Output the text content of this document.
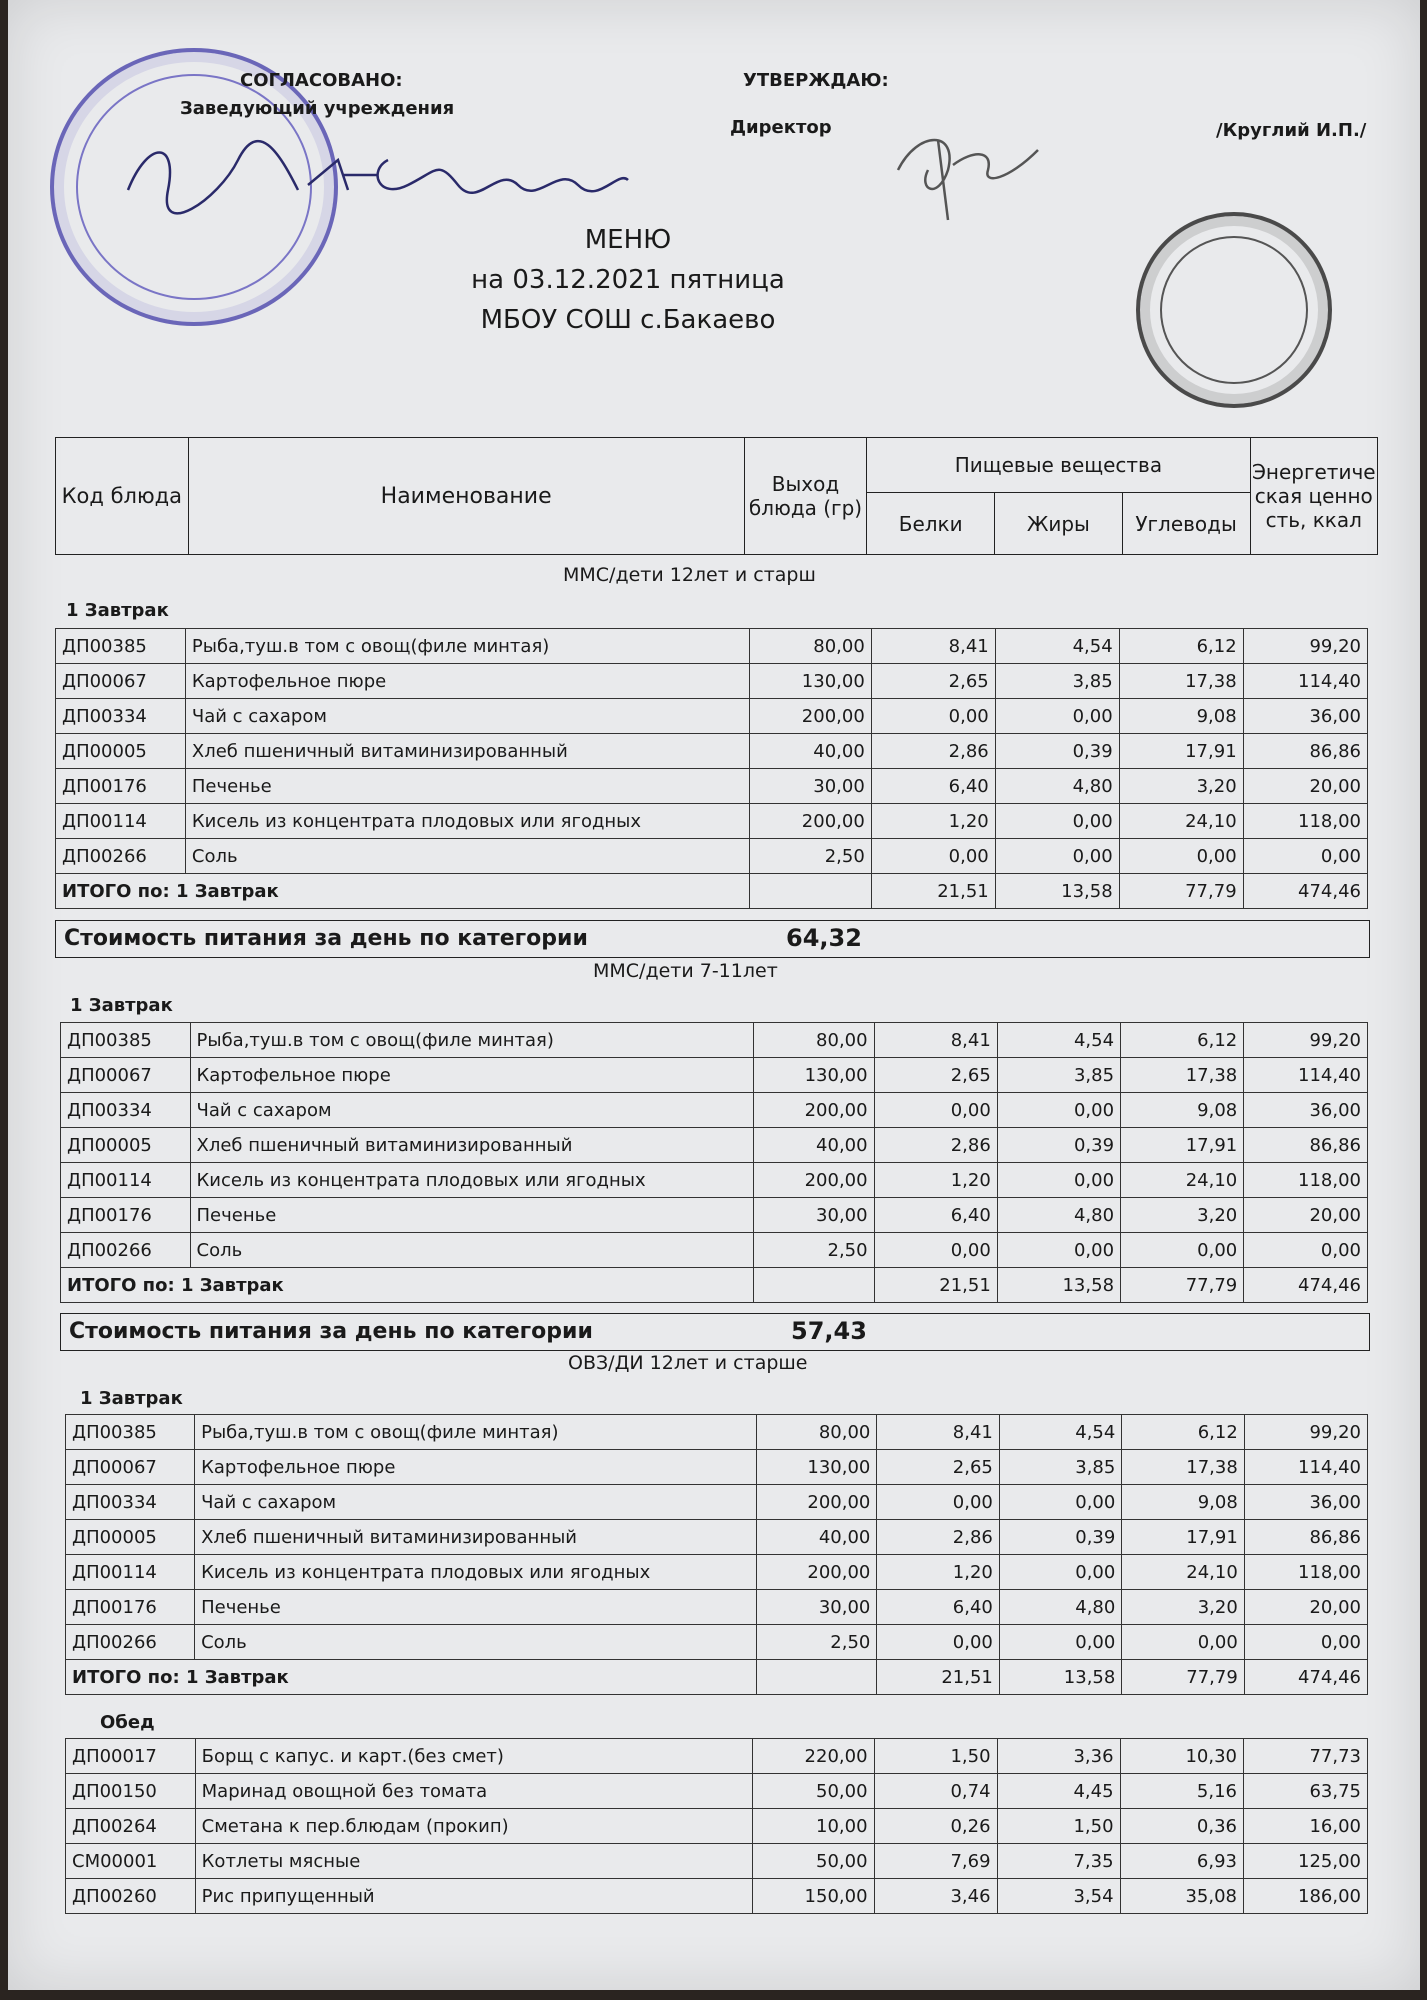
СОГЛАСОВАНО:
Заведующий учреждения
УТВЕРЖДАЮ:
Директор	/Круглий И.П./
МЕНЮ
на 03.12.2021 пятница
МБОУ СОШ с.Бакаево
Код блюда	Наименование	Выход блюда (гр)	Пищевые вещества			Энергетическая ценность, ккал
			Белки	Жиры	Углеводы	
ММС/дети 12лет и старш
1 Завтрак
ДП00385	Рыба,туш.в том с овощ(филе минтая)	80,00	8,41	4,54	6,12	99,20
ДП00067	Картофельное пюре	130,00	2,65	3,85	17,38	114,40
ДП00334	Чай с сахаром	200,00	0,00	0,00	9,08	36,00
ДП00005	Хлеб пшеничный витаминизированный	40,00	2,86	0,39	17,91	86,86
ДП00176	Печенье	30,00	6,40	4,80	3,20	20,00
ДП00114	Кисель из концентрата плодовых или ягодных	200,00	1,20	0,00	24,10	118,00
ДП00266	Соль	2,50	0,00	0,00	0,00	0,00
ИТОГО по: 1 Завтрак			21,51	13,58	77,79	474,46
Стоимость питания за день по категории	64,32
ММС/дети 7-11лет
1 Завтрак
ДП00385	Рыба,туш.в том с овощ(филе минтая)	80,00	8,41	4,54	6,12	99,20
ДП00067	Картофельное пюре	130,00	2,65	3,85	17,38	114,40
ДП00334	Чай с сахаром	200,00	0,00	0,00	9,08	36,00
ДП00005	Хлеб пшеничный витаминизированный	40,00	2,86	0,39	17,91	86,86
ДП00114	Кисель из концентрата плодовых или ягодных	200,00	1,20	0,00	24,10	118,00
ДП00176	Печенье	30,00	6,40	4,80	3,20	20,00
ДП00266	Соль	2,50	0,00	0,00	0,00	0,00
ИТОГО по: 1 Завтрак			21,51	13,58	77,79	474,46
Стоимость питания за день по категории	57,43
ОВЗ/ДИ 12лет и старше
1 Завтрак
ДП00385	Рыба,туш.в том с овощ(филе минтая)	80,00	8,41	4,54	6,12	99,20
ДП00067	Картофельное пюре	130,00	2,65	3,85	17,38	114,40
ДП00334	Чай с сахаром	200,00	0,00	0,00	9,08	36,00
ДП00005	Хлеб пшеничный витаминизированный	40,00	2,86	0,39	17,91	86,86
ДП00114	Кисель из концентрата плодовых или ягодных	200,00	1,20	0,00	24,10	118,00
ДП00176	Печенье	30,00	6,40	4,80	3,20	20,00
ДП00266	Соль	2,50	0,00	0,00	0,00	0,00
ИТОГО по: 1 Завтрак			21,51	13,58	77,79	474,46
Обед
ДП00017	Борщ с капус. и карт.(без смет)	220,00	1,50	3,36	10,30	77,73
ДП00150	Маринад овощной без томата	50,00	0,74	4,45	5,16	63,75
ДП00264	Сметана к пер.блюдам (прокип)	10,00	0,26	1,50	0,36	16,00
СМ00001	Котлеты мясные	50,00	7,69	7,35	6,93	125,00
ДП00260	Рис припущенный	150,00	3,46	3,54	35,08	186,00
